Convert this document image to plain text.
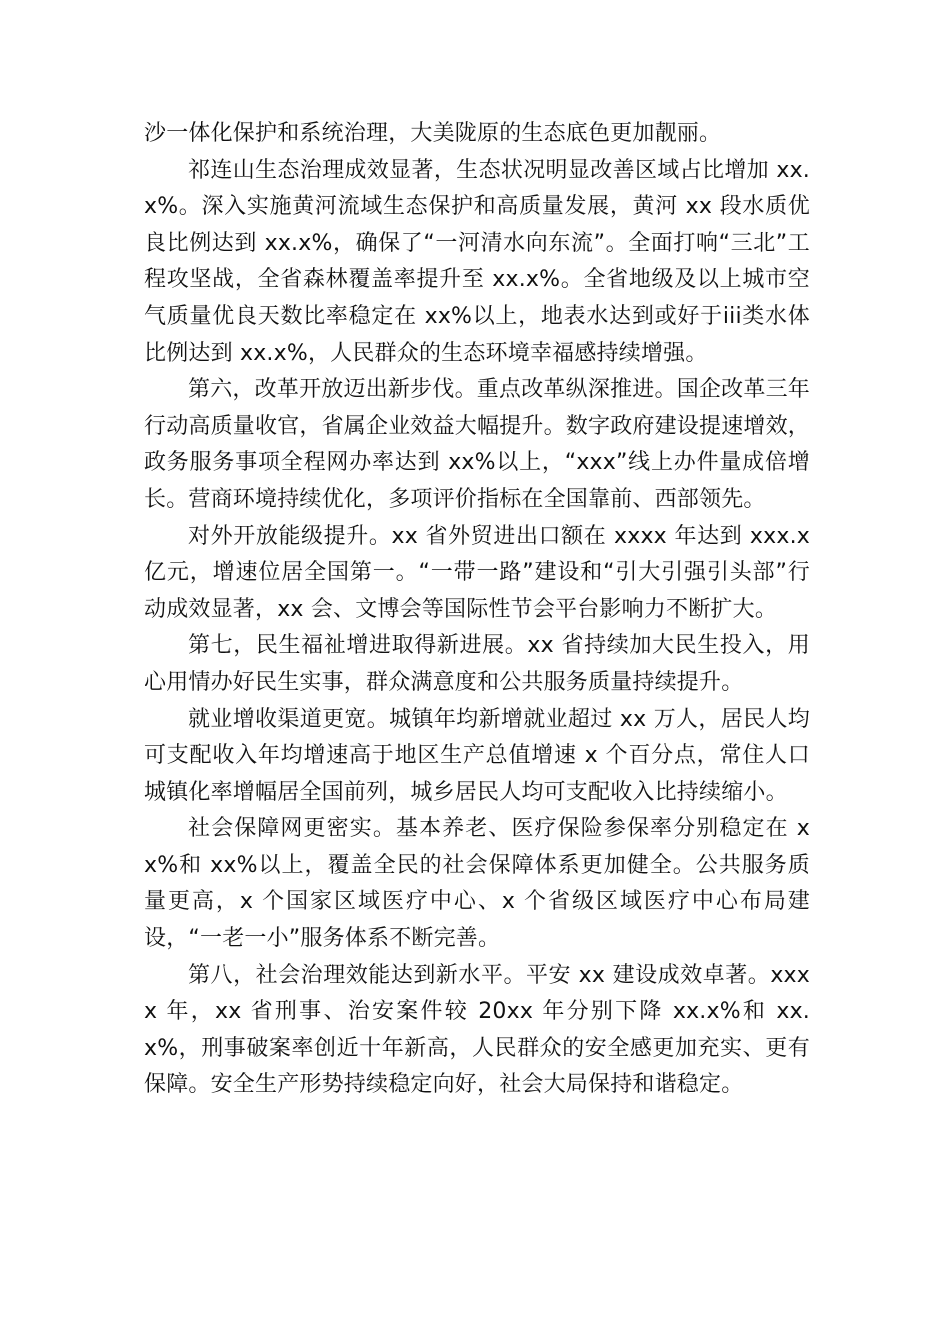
沙一体化保护和系统治理，大美陇原的生态底色更加靓丽。

祁连山生态治理成效显著，生态状况明显改善区域占比增加 xx.x%。深入实施黄河流域生态保护和高质量发展，黄河 xx 段水质优良比例达到 xx.x%，确保了“一河清水向东流”。全面打响“三北”工程攻坚战，全省森林覆盖率提升至 xx.x%。全省地级及以上城市空气质量优良天数比率稳定在 xx%以上，地表水达到或好于iii类水体比例达到 xx.x%，人民群众的生态环境幸福感持续增强。

第六，改革开放迈出新步伐。重点改革纵深推进。国企改革三年行动高质量收官，省属企业效益大幅提升。数字政府建设提速增效，政务服务事项全程网办率达到 xx%以上，“xxx”线上办件量成倍增长。营商环境持续优化，多项评价指标在全国靠前、西部领先。

对外开放能级提升。xx 省外贸进出口额在 xxxx 年达到 xxx.x 亿元，增速位居全国第一。“一带一路”建设和“引大引强引头部”行动成效显著，xx 会、文博会等国际性节会平台影响力不断扩大。

第七，民生福祉增进取得新进展。xx 省持续加大民生投入，用心用情办好民生实事，群众满意度和公共服务质量持续提升。

就业增收渠道更宽。城镇年均新增就业超过 xx 万人，居民人均可支配收入年均增速高于地区生产总值增速 x 个百分点，常住人口城镇化率增幅居全国前列，城乡居民人均可支配收入比持续缩小。

社会保障网更密实。基本养老、医疗保险参保率分别稳定在 xx%和 xx%以上，覆盖全民的社会保障体系更加健全。公共服务质量更高，x 个国家区域医疗中心、x 个省级区域医疗中心布局建设，“一老一小”服务体系不断完善。

第八，社会治理效能达到新水平。平安 xx 建设成效卓著。xxxx 年，xx 省刑事、治安案件较 20xx 年分别下降 xx.x%和 xx.x%，刑事破案率创近十年新高，人民群众的安全感更加充实、更有保障。安全生产形势持续稳定向好，社会大局保持和谐稳定。
